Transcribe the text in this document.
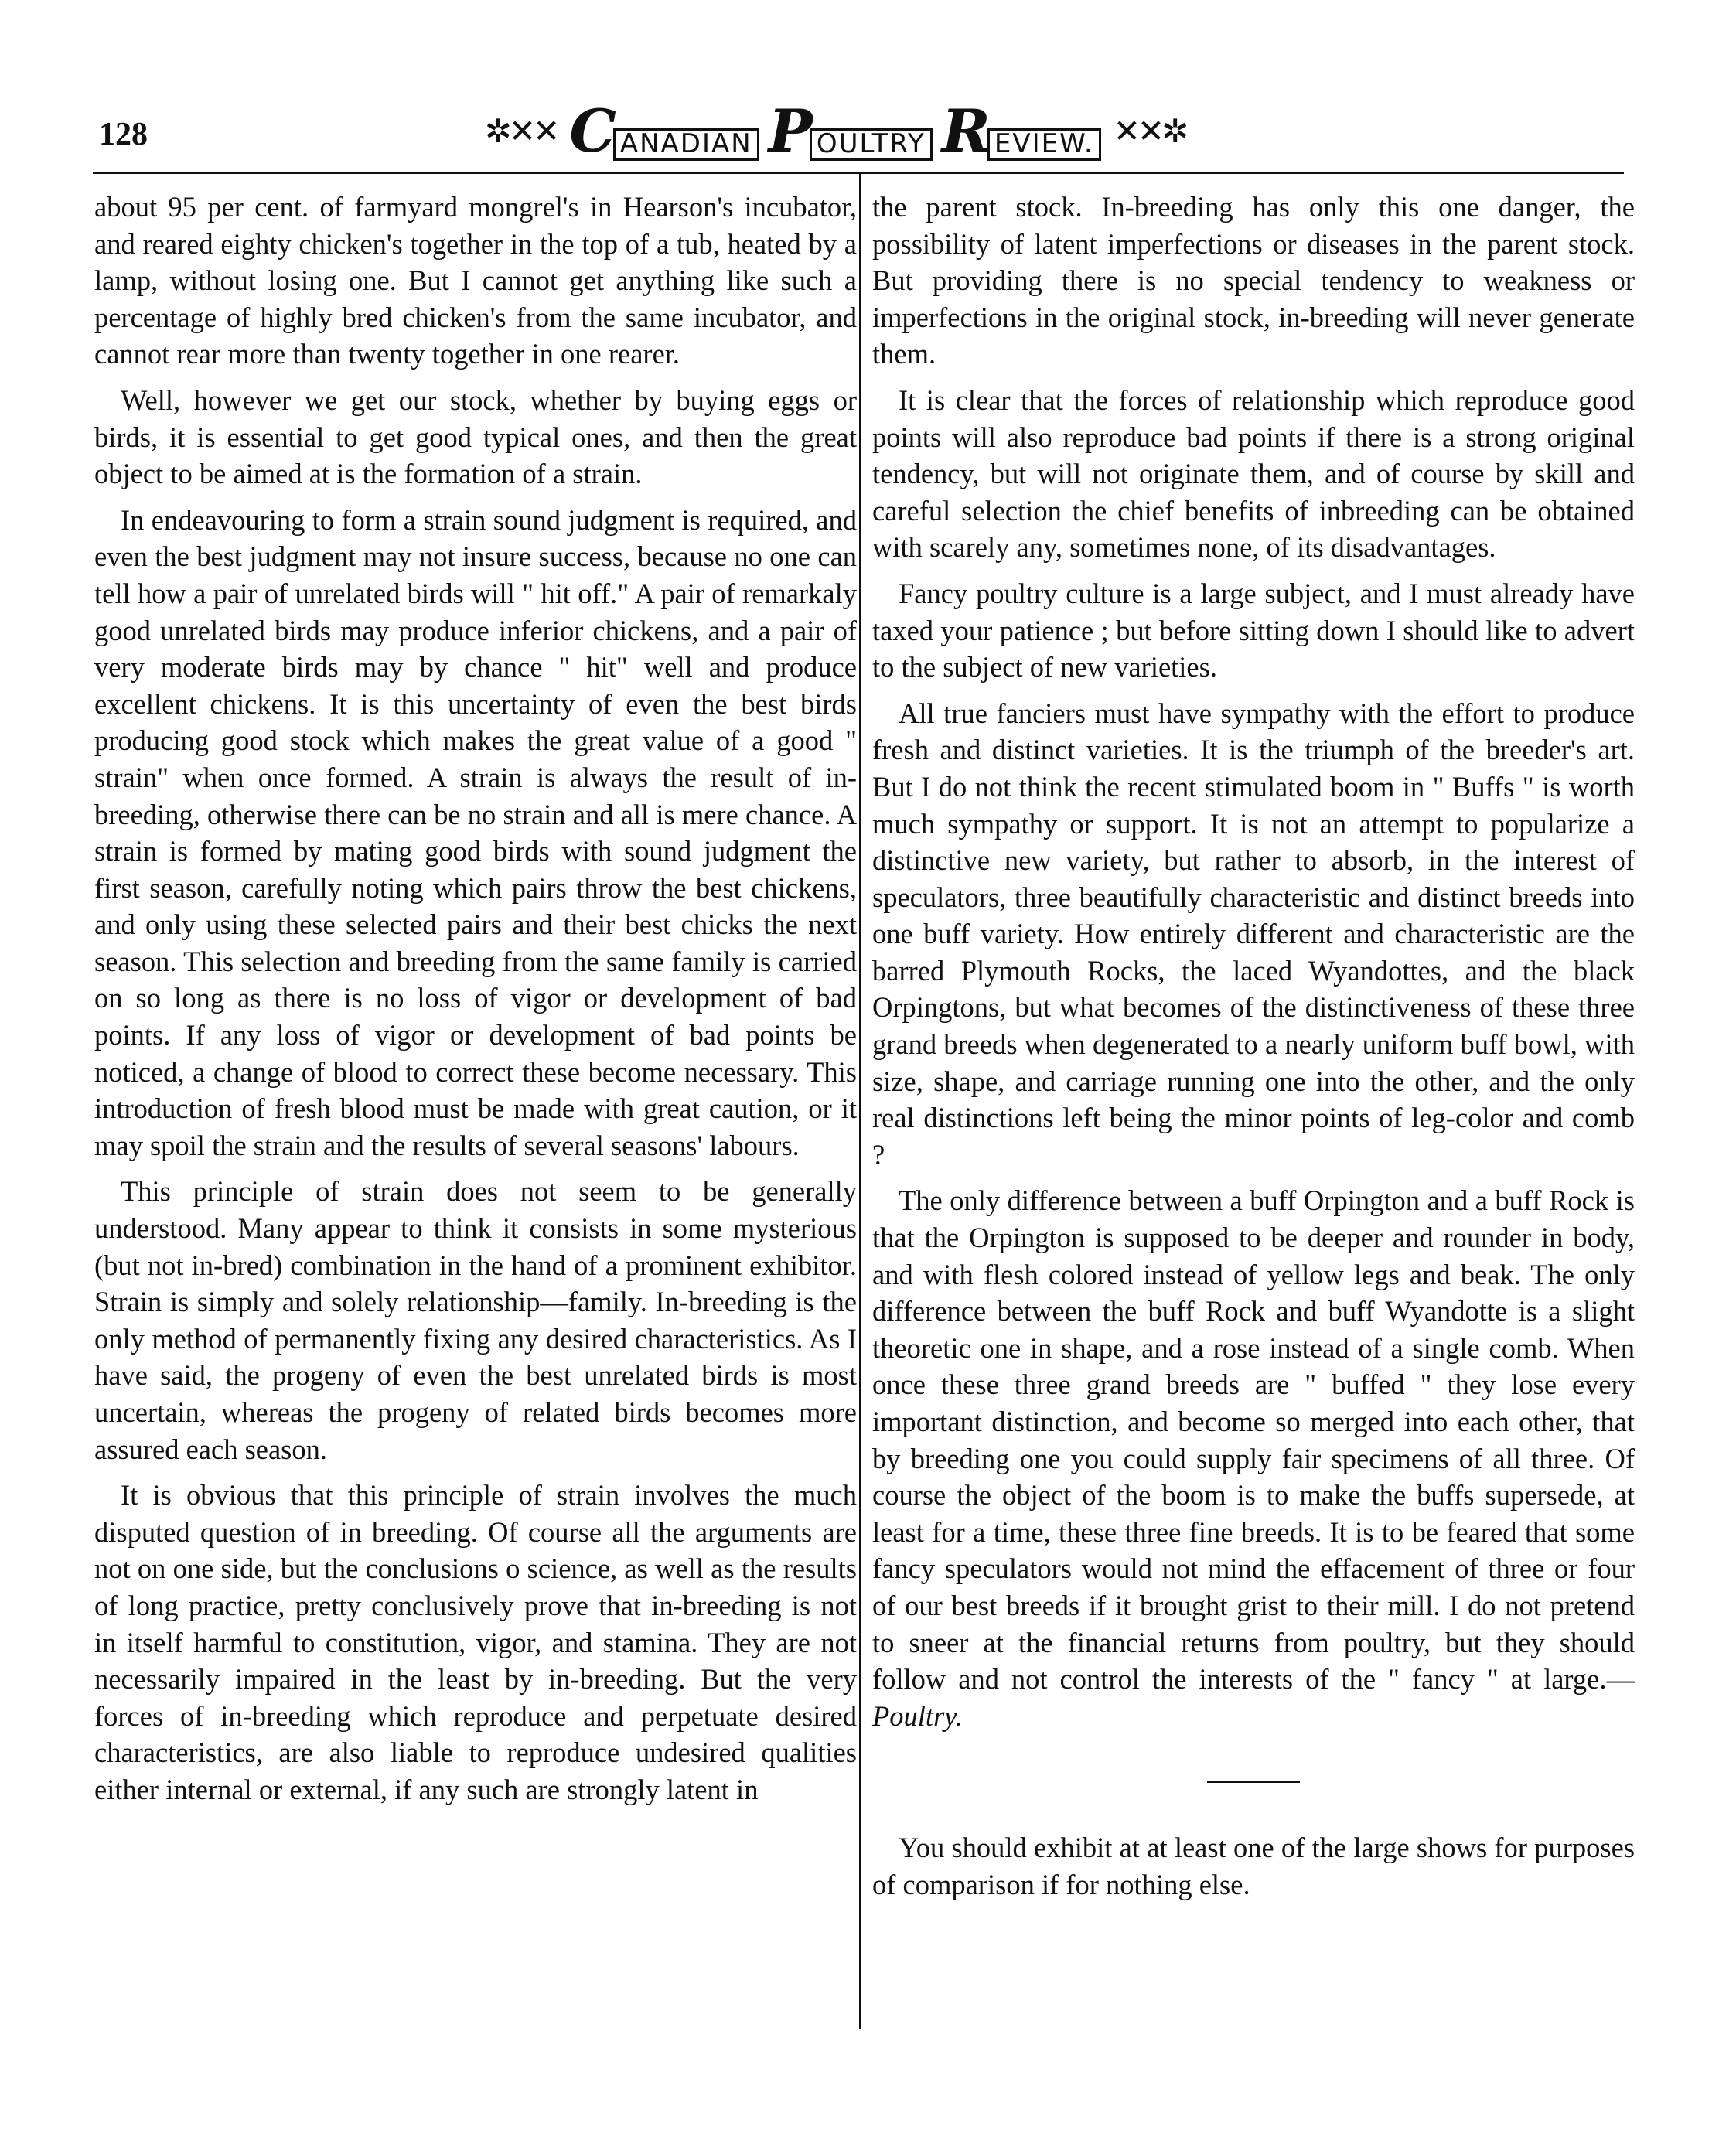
128	✲✕✕ C ANADIAN P OULTRY R EVIEW. ✕✕✲

about 95 per cent. of farmyard mongrel's in Hearson's incubator, and reared eighty chicken's together in the top of a tub, heated by a lamp, without losing one. But I cannot get anything like such a percentage of highly bred chicken's from the same incubator, and cannot rear more than twenty together in one rearer.

Well, however we get our stock, whether by buying eggs or birds, it is essential to get good typical ones, and then the great object to be aimed at is the formation of a strain.

In endeavouring to form a strain sound judgment is required, and even the best judgment may not insure success, because no one can tell how a pair of unrelated birds will " hit off." A pair of remarkaly good unrelated birds may produce inferior chickens, and a pair of very moderate birds may by chance " hit" well and produce excellent chickens. It is this uncertainty of even the best birds producing good stock which makes the great value of a good " strain" when once formed. A strain is always the result of in-breeding, otherwise there can be no strain and all is mere chance. A strain is formed by mating good birds with sound judgment the first season, carefully noting which pairs throw the best chickens, and only using these selected pairs and their best chicks the next season. This selection and breeding from the same family is carried on so long as there is no loss of vigor or development of bad points. If any loss of vigor or development of bad points be noticed, a change of blood to correct these become necessary. This introduction of fresh blood must be made with great caution, or it may spoil the strain and the results of several seasons' labours.

This principle of strain does not seem to be generally understood. Many appear to think it consists in some mysterious (but not in-bred) combination in the hand of a prominent exhibitor. Strain is simply and solely relationship—family. In-breeding is the only method of permanently fixing any desired characteristics. As I have said, the progeny of even the best unrelated birds is most uncertain, whereas the progeny of related birds becomes more assured each season.

It is obvious that this principle of strain involves the much disputed question of in breeding. Of course all the arguments are not on one side, but the conclusions o science, as well as the results of long practice, pretty conclusively prove that in-breeding is not in itself harmful to constitution, vigor, and stamina. They are not necessarily impaired in the least by in-breeding. But the very forces of in-breeding which reproduce and perpetuate desired characteristics, are also liable to reproduce undesired qualities either internal or external, if any such are strongly latent in

the parent stock. In-breeding has only this one danger, the possibility of latent imperfections or diseases in the parent stock. But providing there is no special tendency to weakness or imperfections in the original stock, in-breeding will never generate them.

It is clear that the forces of relationship which reproduce good points will also reproduce bad points if there is a strong original tendency, but will not originate them, and of course by skill and careful selection the chief benefits of inbreeding can be obtained with scarely any, sometimes none, of its disadvantages.

Fancy poultry culture is a large subject, and I must already have taxed your patience ; but before sitting down I should like to advert to the subject of new varieties.

All true fanciers must have sympathy with the effort to produce fresh and distinct varieties. It is the triumph of the breeder's art. But I do not think the recent stimulated boom in " Buffs " is worth much sympathy or support. It is not an attempt to popularize a distinctive new variety, but rather to absorb, in the interest of speculators, three beautifully characteristic and distinct breeds into one buff variety. How entirely different and characteristic are the barred Plymouth Rocks, the laced Wyandottes, and the black Orpingtons, but what becomes of the distinctiveness of these three grand breeds when degenerated to a nearly uniform buff bowl, with size, shape, and carriage running one into the other, and the only real distinctions left being the minor points of leg-color and comb ?

The only difference between a buff Orpington and a buff Rock is that the Orpington is supposed to be deeper and rounder in body, and with flesh colored instead of yellow legs and beak. The only difference between the buff Rock and buff Wyandotte is a slight theoretic one in shape, and a rose instead of a single comb. When once these three grand breeds are " buffed " they lose every important distinction, and become so merged into each other, that by breeding one you could supply fair specimens of all three. Of course the object of the boom is to make the buffs supersede, at least for a time, these three fine breeds. It is to be feared that some fancy speculators would not mind the effacement of three or four of our best breeds if it brought grist to their mill. I do not pretend to sneer at the financial returns from poultry, but they should follow and not control the interests of the " fancy " at large.—Poultry.

You should exhibit at at least one of the large shows for purposes of comparison if for nothing else.
